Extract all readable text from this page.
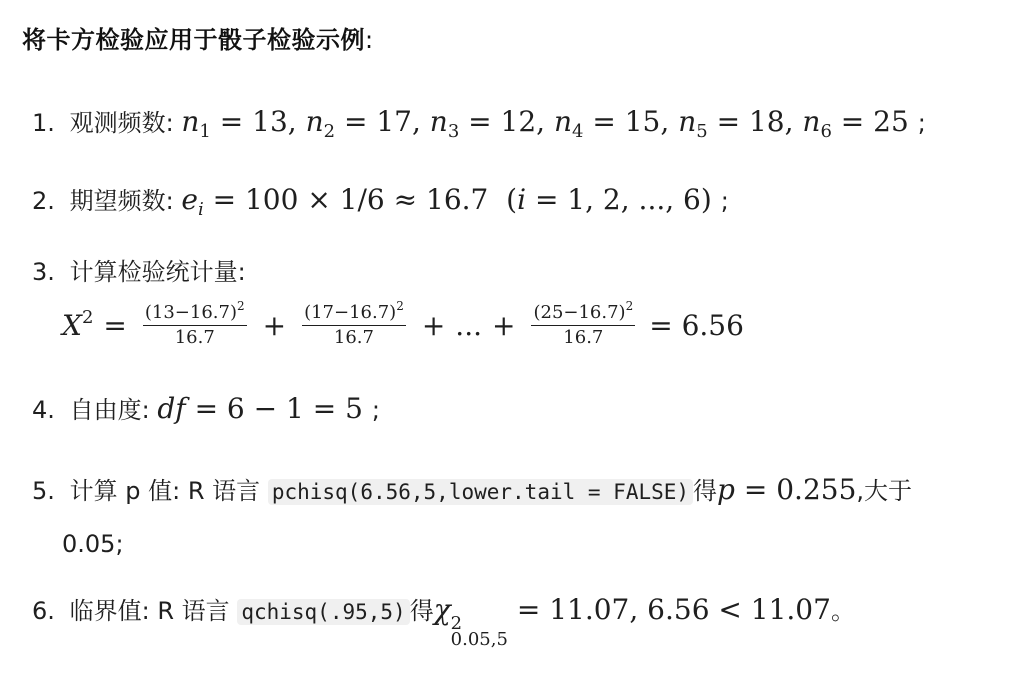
将卡方检验应用于骰子检验示例:
1. 观测频数: $n_1 = 13$, $n_2 = 17$, $n_3 = 12$, $n_4 = 15$, $n_5 = 18$, $n_6 = 25$ ;
2. 期望频数: $e_i = 100 \times 1/6 \approx 16.7$  (i = 1, 2, ..., 6) ;
3. 计算检验统计量:
$X^2 = \frac{(13-16.7)^2}{16.7} + \frac{(17-16.7)^2}{16.7}$ + ... + $\frac{(25-16.7)^2}{16.7} = 6.56$
4. 自由度: df = 6 − 1 = 5 ;
5. 计算 p 值: R 语言 pchisq(6.56,5,lower.tail = FALSE) 得p = 0.255,大于
0.05;
6. 临界值: R 语言 qchisq(.95,5) 得χ 2
0.05,5
= 11.07, 6.56 < 11.07。
